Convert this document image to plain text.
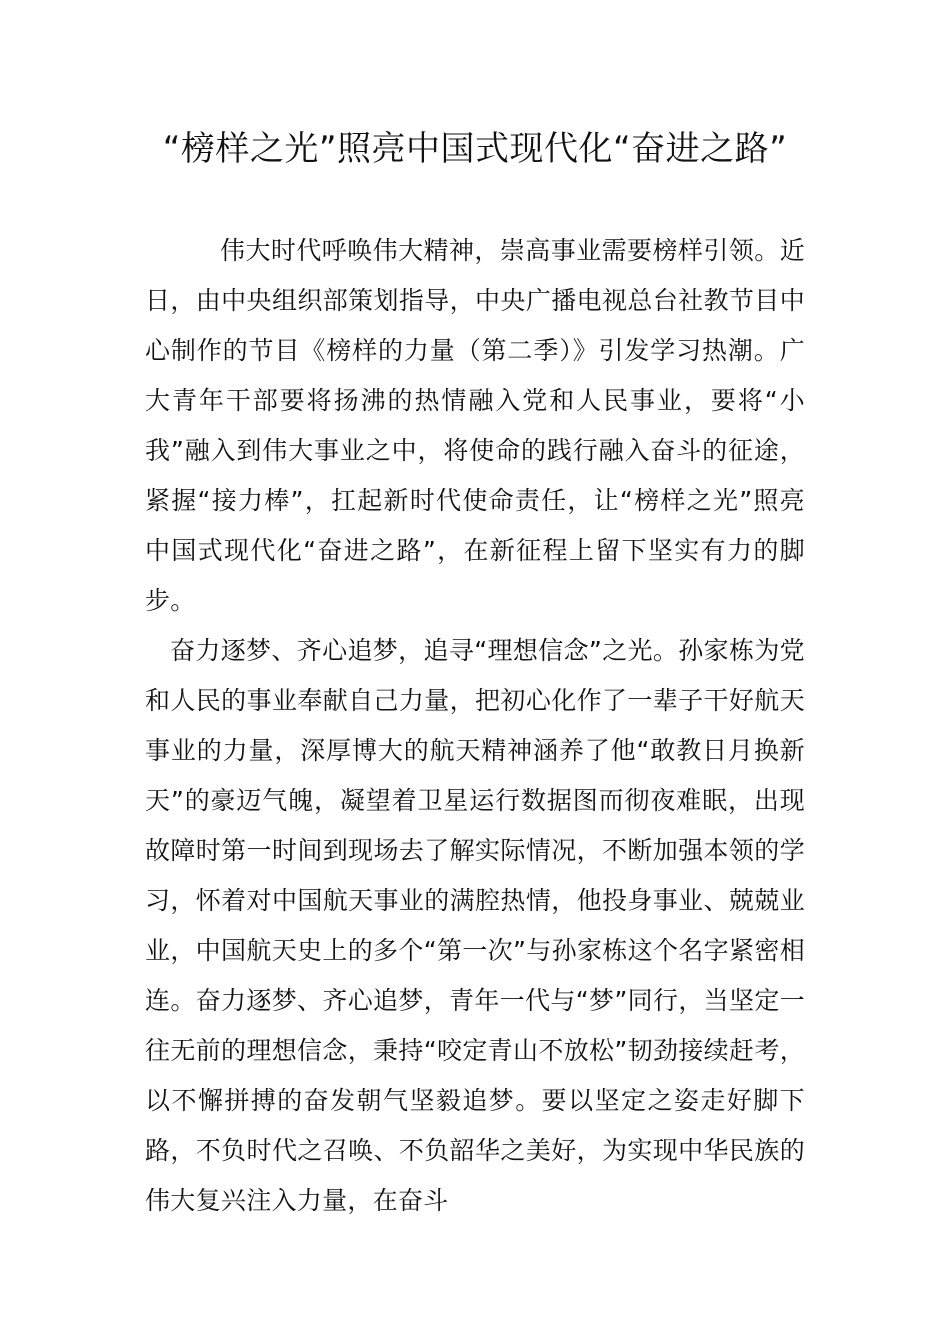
“榜样之光”照亮中国式现代化“奋进之路”

伟大时代呼唤伟大精神，崇高事业需要榜样引领。近日，由中央组织部策划指导，中央广播电视总台社教节目中心制作的节目《榜样的力量（第二季）》引发学习热潮。广大青年干部要将扬沸的热情融入党和人民事业，要将“小我”融入到伟大事业之中，将使命的践行融入奋斗的征途，紧握“接力棒”，扛起新时代使命责任，让“榜样之光”照亮中国式现代化“奋进之路”，在新征程上留下坚实有力的脚步。

奋力逐梦、齐心追梦，追寻“理想信念”之光。孙家栋为党和人民的事业奉献自己力量，把初心化作了一辈子干好航天事业的力量，深厚博大的航天精神涵养了他“敢教日月换新天”的豪迈气魄，凝望着卫星运行数据图而彻夜难眠，出现故障时第一时间到现场去了解实际情况，不断加强本领的学习，怀着对中国航天事业的满腔热情，他投身事业、兢兢业业，中国航天史上的多个“第一次”与孙家栋这个名字紧密相连。奋力逐梦、齐心追梦，青年一代与“梦”同行，当坚定一往无前的理想信念，秉持“咬定青山不放松”韧劲接续赶考，以不懈拼搏的奋发朝气坚毅追梦。要以坚定之姿走好脚下路，不负时代之召唤、不负韶华之美好，为实现中华民族的伟大复兴注入力量，在奋斗
